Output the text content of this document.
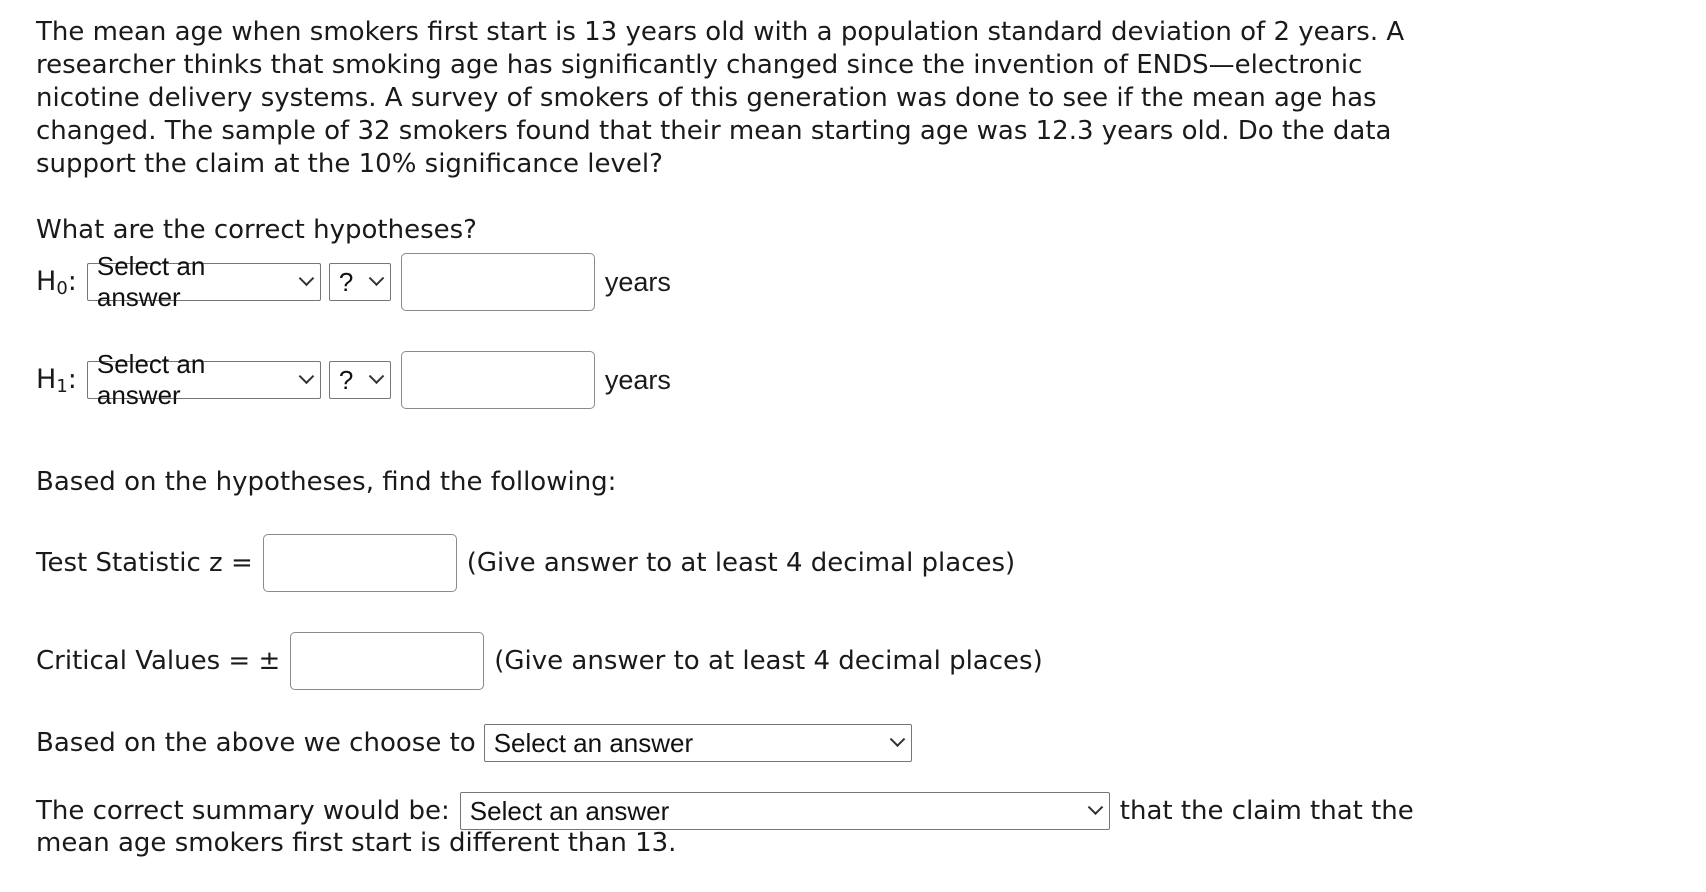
The mean age when smokers first start is 13 years old with a population standard deviation of 2 years. A researcher thinks that smoking age has significantly changed since the invention of ENDS—electronic nicotine delivery systems. A survey of smokers of this generation was done to see if the mean age has changed. The sample of 32 smokers found that their mean starting age was 12.3 years old. Do the data support the claim at the 10% significance level?

What are the correct hypotheses?

$H_0$: Select an answer
?	years
$H_1$: Select an answer
?	years
Based on the hypotheses, find the following:
Test Statistic z =	(Give answer to at least 4 decimal places)
Critical Values = ±	(Give answer to at least 4 decimal places)
Based on the above we choose to Select an answer
The correct summary would be: Select an answer	that the claim that the
mean age smokers first start is different than 13.
